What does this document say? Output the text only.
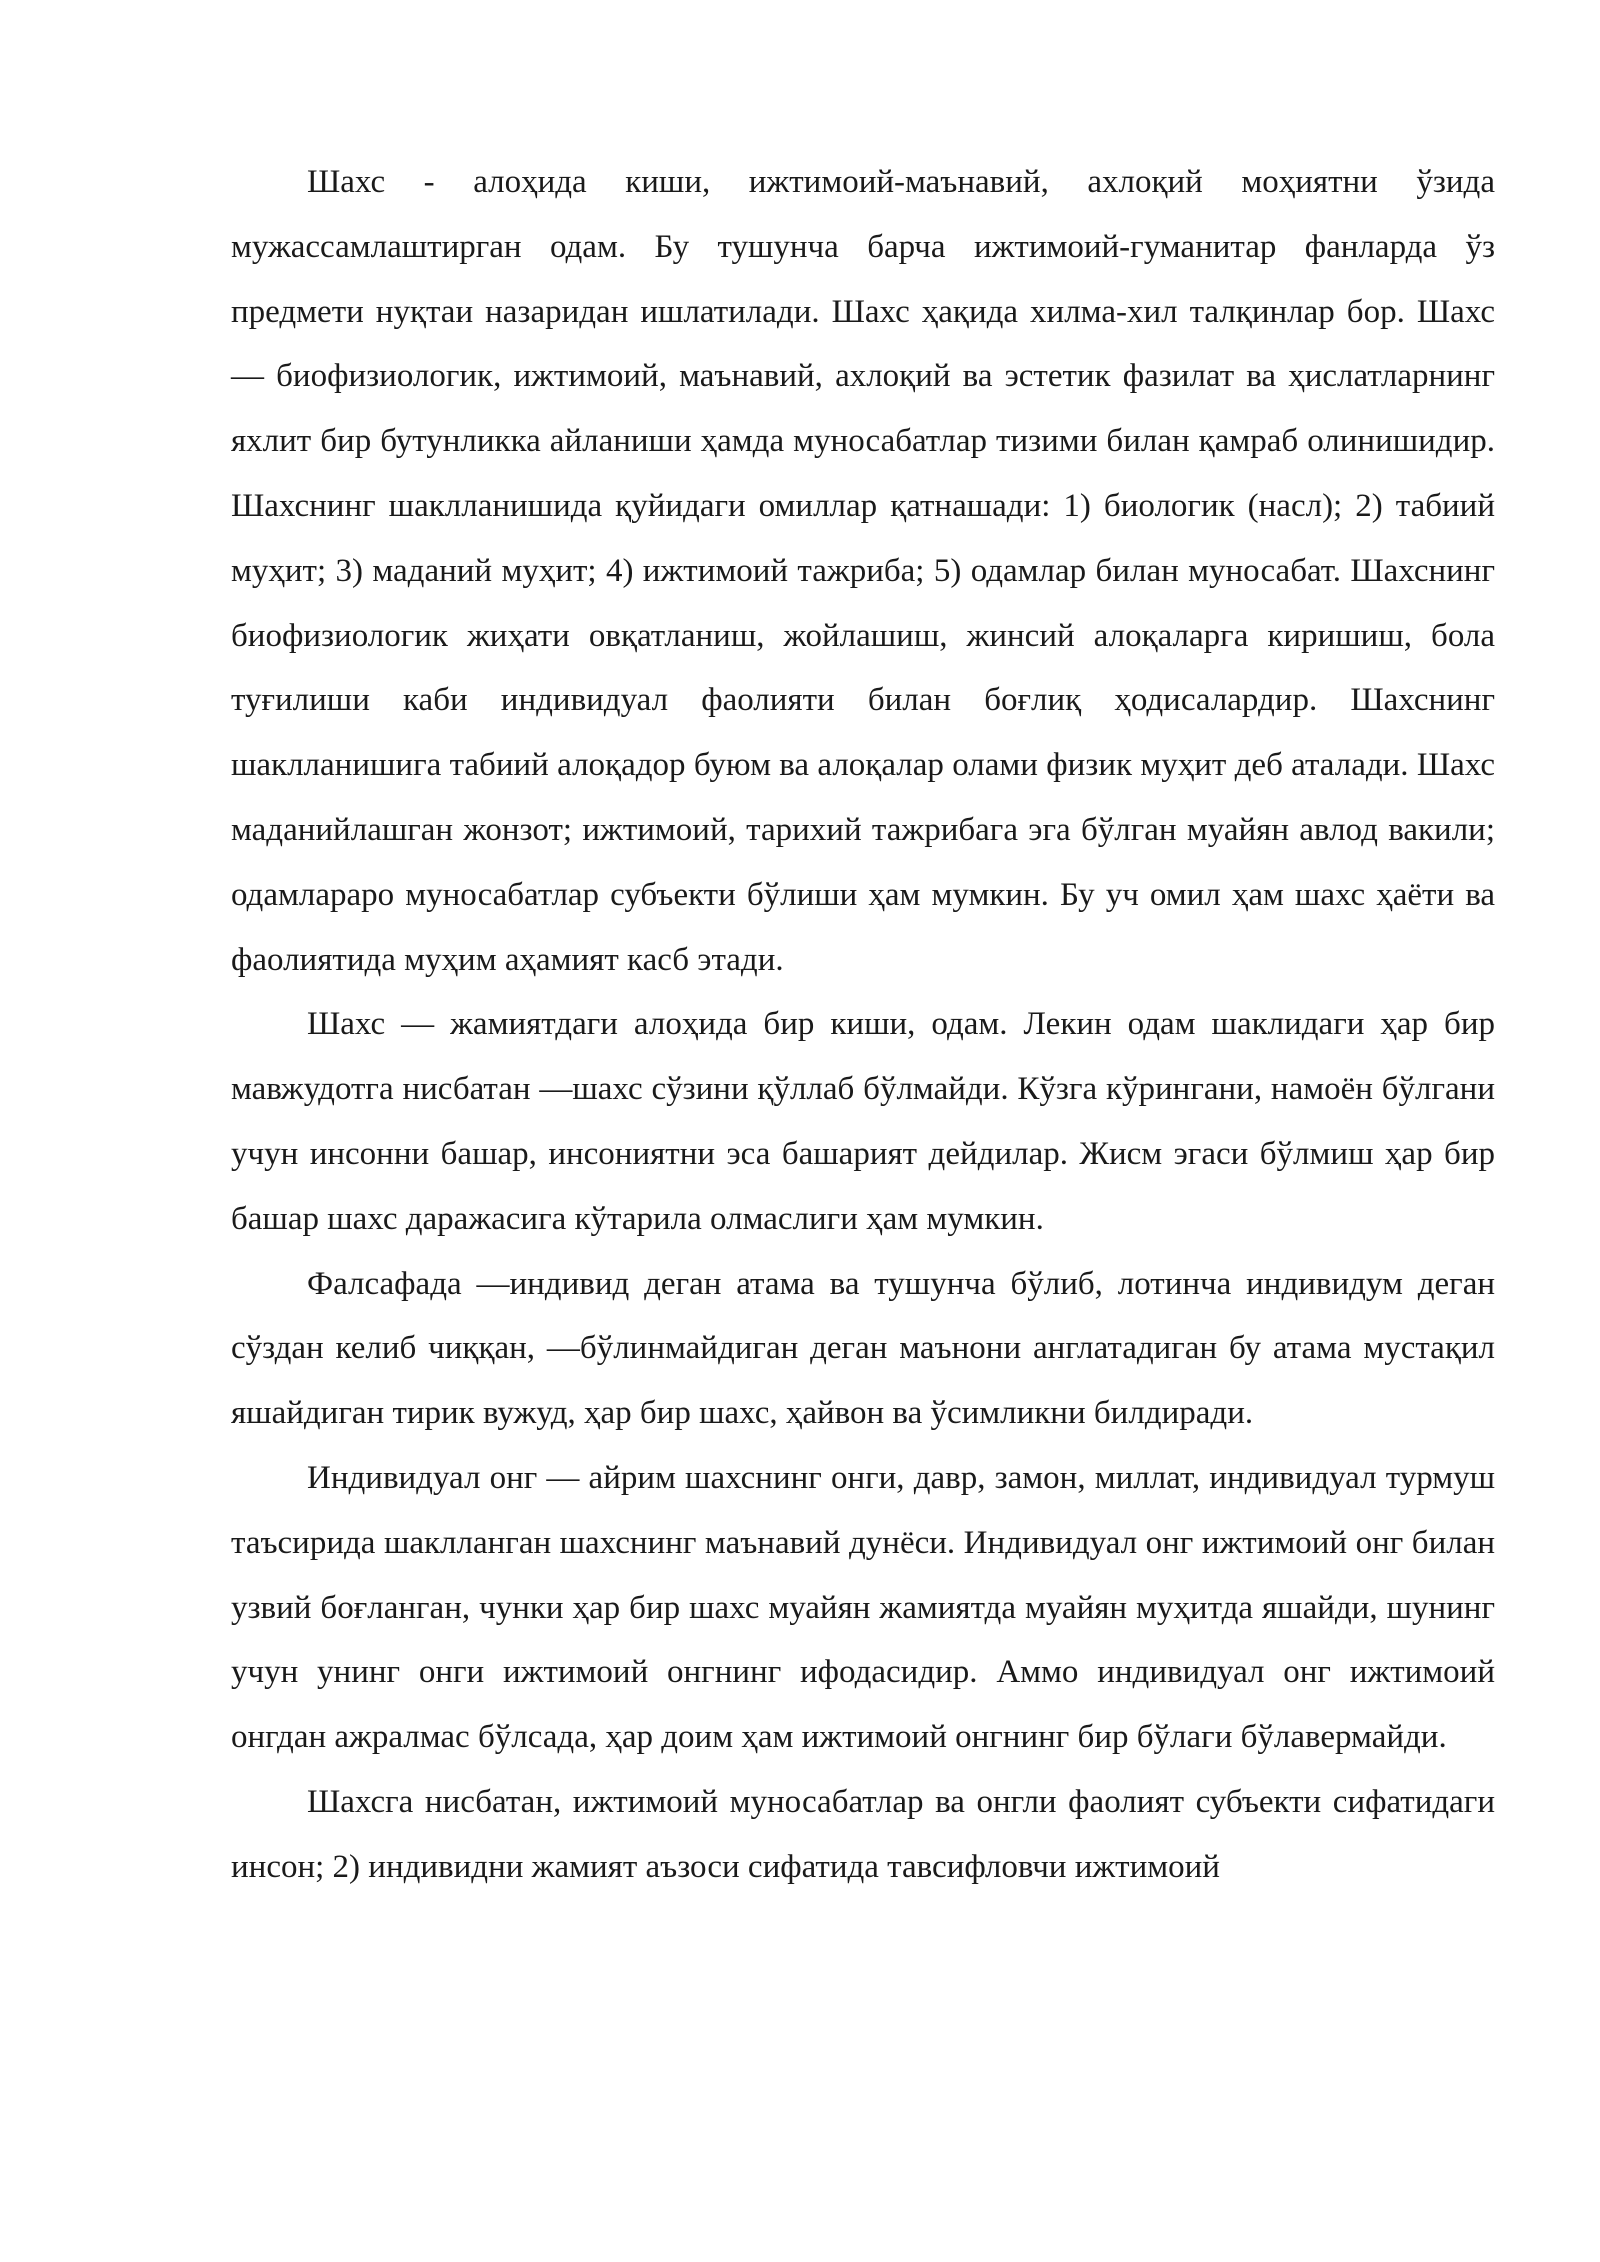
Шахс - алоҳида киши, ижтимоий-маънавий, ахлоқий моҳиятни ўзида мужассамлаштирган одам. Бу тушунча барча ижтимоий-гуманитар фанларда ўз предмети нуқтаи назаридан ишлатилади. Шахс ҳақида хилма-хил талқинлар бор. Шахс — биофизиологик, ижтимоий, маънавий, ахлоқий ва эстетик фазилат ва ҳислатларнинг яхлит бир бутунликка айланиши ҳамда муносабатлар тизими билан қамраб олинишидир. Шахснинг шаклланишида қуйидаги омиллар қатнашади: 1) биологик (насл); 2) табиий муҳит; 3) маданий муҳит; 4) ижтимоий тажриба; 5) одамлар билан муносабат. Шахснинг биофизиологик жиҳати овқатланиш, жойлашиш, жинсий алоқаларга киришиш, бола туғилиши каби индивидуал фаолияти билан боғлиқ ҳодисалардир. Шахснинг шаклланишига табиий алоқадор буюм ва алоқалар олами физик муҳит деб аталади. Шахс маданийлашган жонзот; ижтимоий, тарихий тажрибага эга бўлган муайян авлод вакили; одамлараро муносабатлар субъекти бўлиши ҳам мумкин. Бу уч омил ҳам шахс ҳаёти ва фаолиятида муҳим аҳамият касб этади.

Шахс — жамиятдаги алоҳида бир киши, одам. Лекин одам шаклидаги ҳар бир мавжудотга нисбатан ―шахс сўзини қўллаб бўлмайди. Кўзга кўрингани, намоён бўлгани учун инсонни башар, инсониятни эса башарият дейдилар. Жисм эгаси бўлмиш ҳар бир башар шахс даражасига кўтарила олмаслиги ҳам мумкин.

Фалсафада ―индивид деган атама ва тушунча бўлиб, лотинча индивидум деган сўздан келиб чиққан, ―бўлинмайдиган деган маънони англатадиган бу атама мустақил яшайдиган тирик вужуд, ҳар бир шахс, ҳайвон ва ўсимликни билдиради.

Индивидуал онг — айрим шахснинг онги, давр, замон, миллат, индивидуал турмуш таъсирида шаклланган шахснинг маънавий дунёси. Индивидуал онг ижтимоий онг билан узвий боғланган, чунки ҳар бир шахс муайян жамиятда муайян муҳитда яшайди, шунинг учун унинг онги ижтимоий онгнинг ифодасидир. Аммо индивидуал онг ижтимоий онгдан ажралмас бўлсада, ҳар доим ҳам ижтимоий онгнинг бир бўлаги бўлавермайди.

Шахсга нисбатан, ижтимоий муносабатлар ва онгли фаолият субъекти сифатидаги инсон; 2) индивидни жамият аъзоси сифатида тавсифловчи ижтимоий
